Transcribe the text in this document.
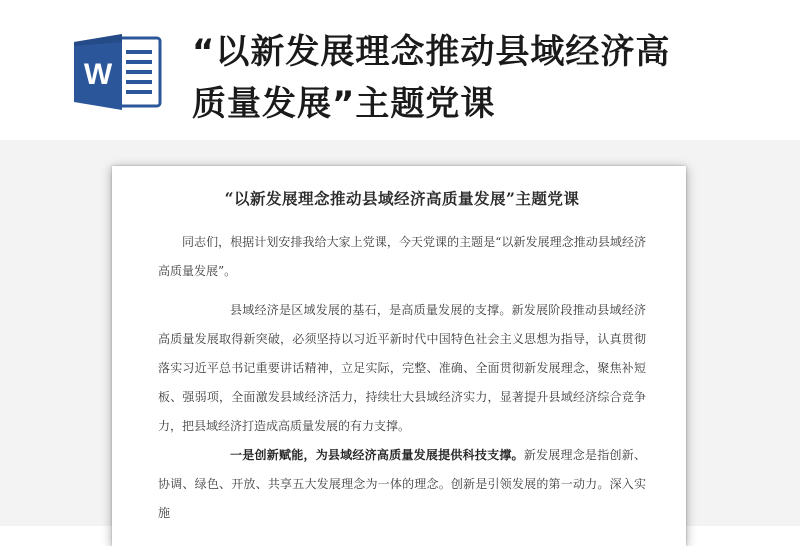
W
“以新发展理念推动县域经济高
质量发展”主题党课

“以新发展理念推动县域经济高质量发展”主题党课

同志们，根据计划安排我给大家上党课，今天党课的主题是“以新发展理念推动县域经济高质量发展”。

县域经济是区域发展的基石，是高质量发展的支撑。新发展阶段推动县域经济高质量发展取得新突破，必须坚持以习近平新时代中国特色社会主义思想为指导，认真贯彻落实习近平总书记重要讲话精神，立足实际，完整、准确、全面贯彻新发展理念，聚焦补短板、强弱项，全面激发县域经济活力，持续壮大县域经济实力，显著提升县域经济综合竞争力，把县域经济打造成高质量发展的有力支撑。

一是创新赋能，为县域经济高质量发展提供科技支撑。新发展理念是指创新、协调、绿色、开放、共享五大发展理念为一体的理念。创新是引领发展的第一动力。深入实施
